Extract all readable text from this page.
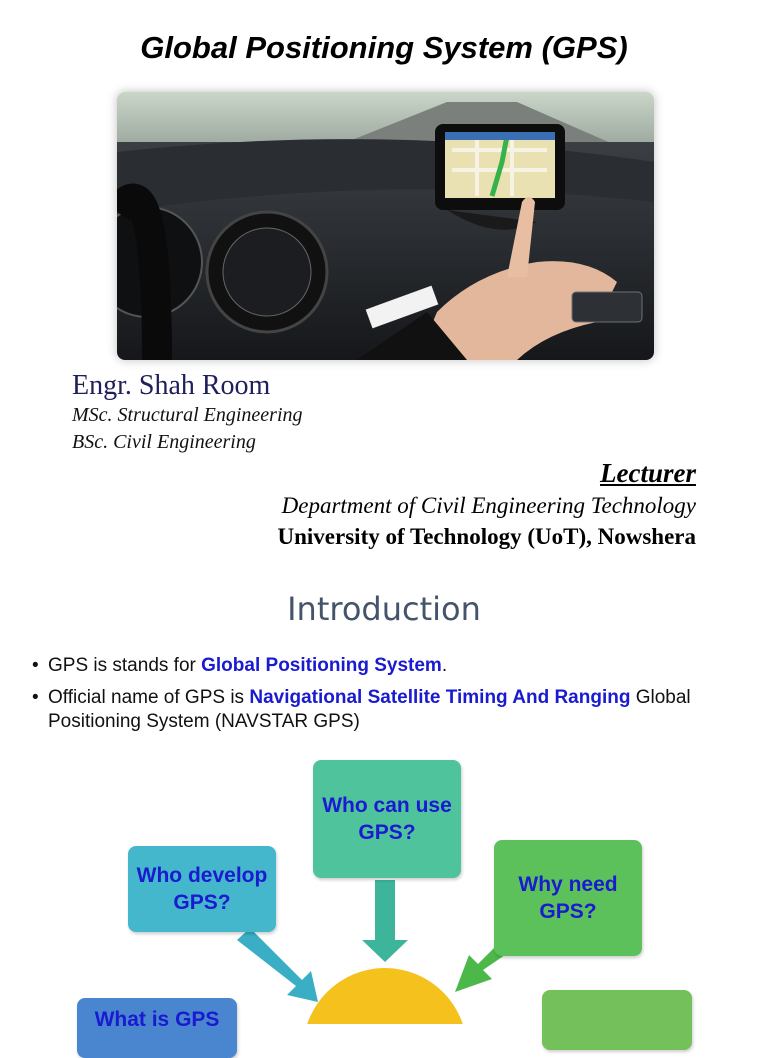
Global Positioning System (GPS)
Engr. Shah Room
MSc. Structural Engineering
BSc. Civil Engineering
Lecturer
Department of Civil Engineering Technology
University of Technology (UoT), Nowshera
Introduction
• GPS is stands for Global Positioning System.
• Official name of GPS is Navigational Satellite Timing And Ranging Global Positioning System (NAVSTAR GPS)
Who can use GPS?
Who develop GPS?
Why need GPS?
What is GPS
